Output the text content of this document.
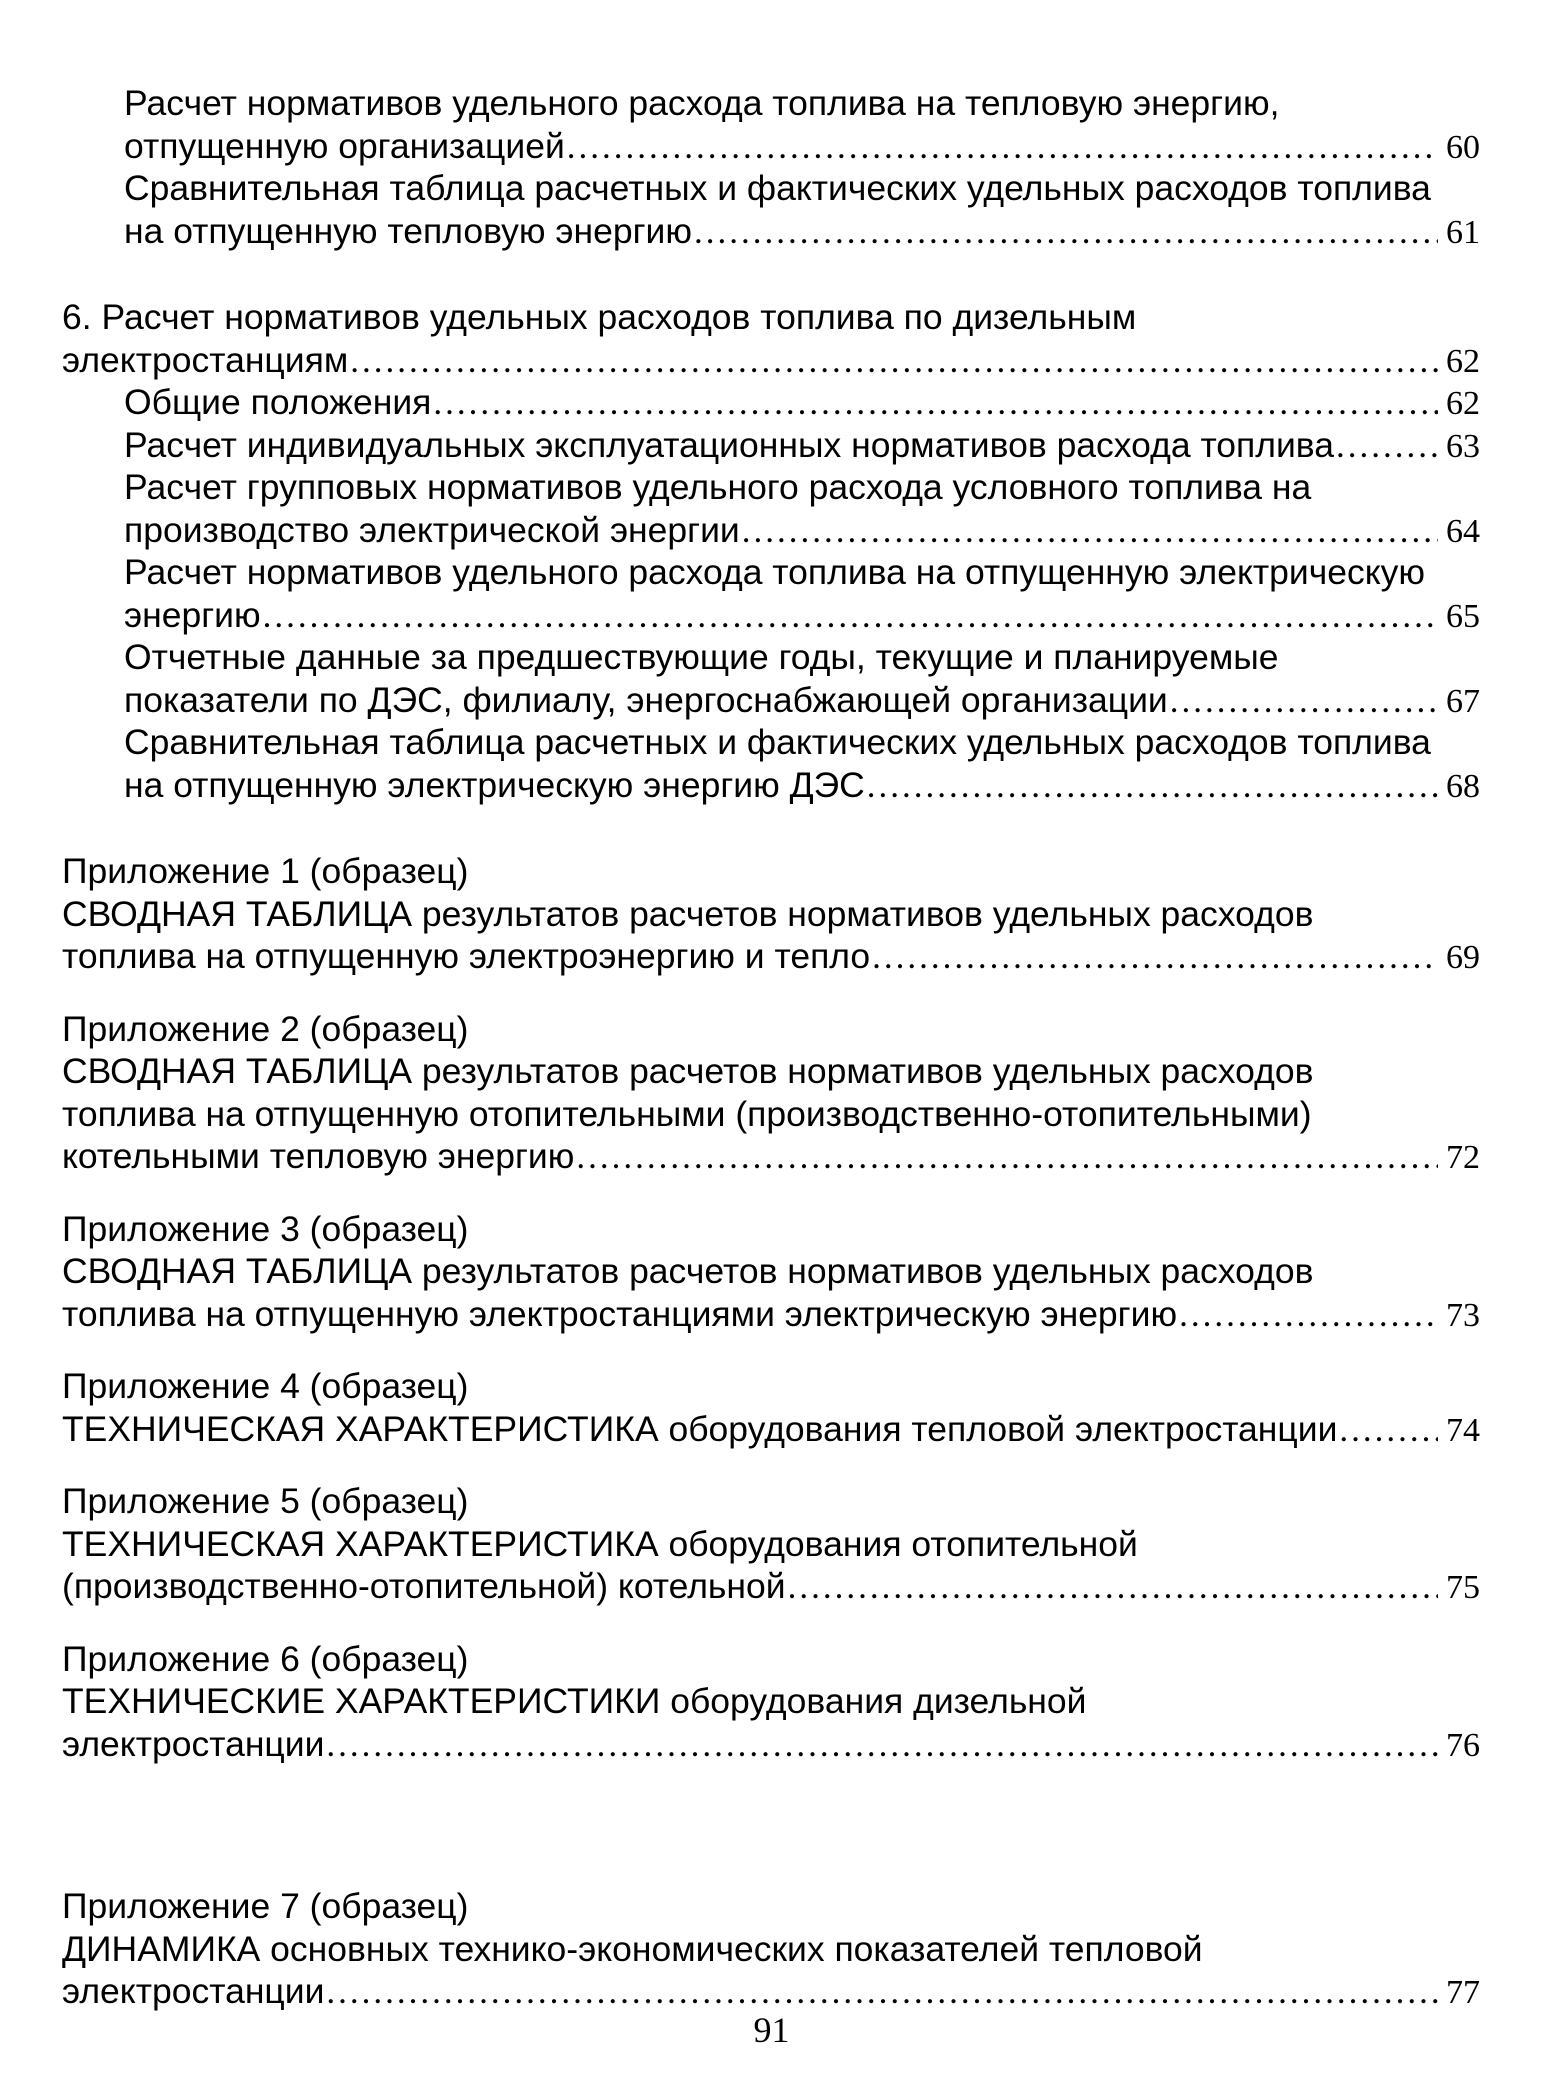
Расчет нормативов удельного расхода топлива на тепловую энергию,
отпущенную организацией .....	60
Сравнительная таблица расчетных и фактических удельных расходов топлива
на отпущенную тепловую энергию .....	61
6. Расчет нормативов удельных расходов топлива по дизельным
электростанциям .....	62
Общие положения .....	62
Расчет индивидуальных эксплуатационных нормативов расхода топлива .....	63
Расчет групповых нормативов удельного расхода условного топлива на
производство электрической энергии .....	64
Расчет нормативов удельного расхода топлива на отпущенную электрическую
энергию .....	65
Отчетные данные за предшествующие годы, текущие и планируемые
показатели по ДЭС, филиалу, энергоснабжающей организации .....	67
Сравнительная таблица расчетных и фактических удельных расходов топлива
на отпущенную электрическую энергию ДЭС .....	68
Приложение 1 (образец)
СВОДНАЯ ТАБЛИЦА результатов расчетов нормативов удельных расходов
топлива на отпущенную электроэнергию и тепло .....	69
Приложение 2 (образец)
СВОДНАЯ ТАБЛИЦА результатов расчетов нормативов удельных расходов
топлива на отпущенную отопительными (производственно-отопительными)
котельными тепловую энергию .....	72
Приложение 3 (образец)
СВОДНАЯ ТАБЛИЦА результатов расчетов нормативов удельных расходов
топлива на отпущенную электростанциями электрическую энергию .....	73
Приложение 4 (образец)
ТЕХНИЧЕСКАЯ ХАРАКТЕРИСТИКА оборудования тепловой электростанции .....	74
Приложение 5 (образец)
ТЕХНИЧЕСКАЯ ХАРАКТЕРИСТИКА оборудования отопительной
(производственно-отопительной) котельной .....	75
Приложение 6 (образец)
ТЕХНИЧЕСКИЕ ХАРАКТЕРИСТИКИ оборудования дизельной
электростанции .....	76
Приложение 7 (образец)
ДИНАМИКА основных технико-экономических показателей тепловой
электростанции .....	77
91
